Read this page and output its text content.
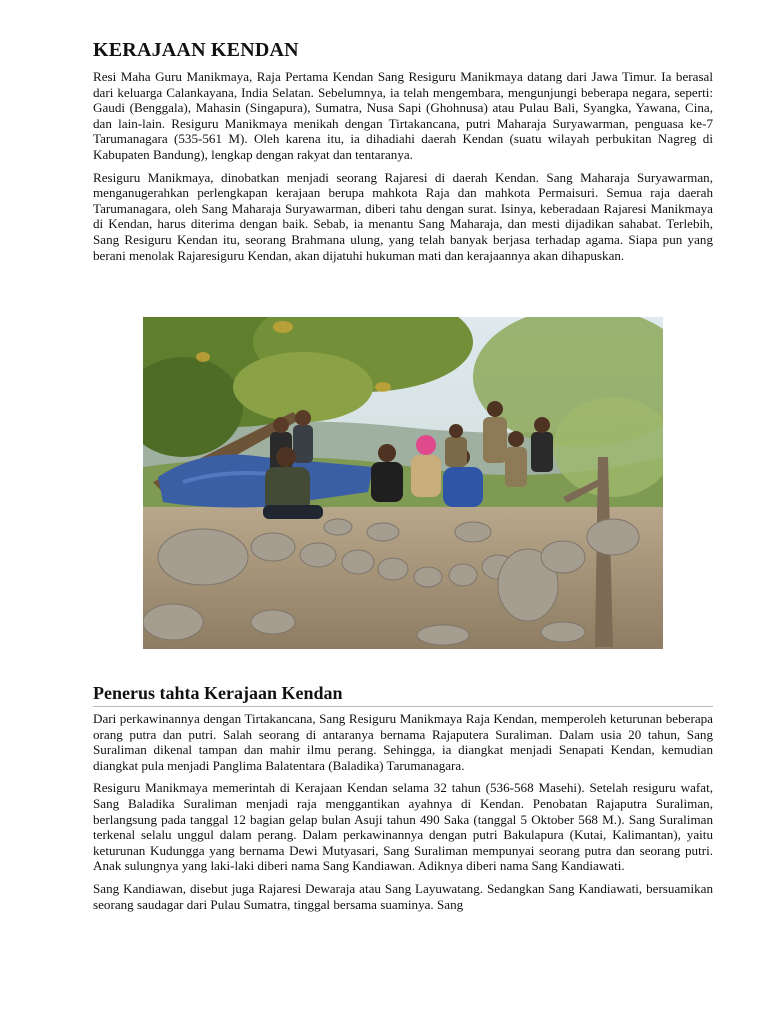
KERAJAAN KENDAN

Resi Maha Guru Manikmaya, Raja Pertama Kendan Sang Resiguru Manikmaya datang dari Jawa Timur. Ia berasal dari keluarga Calankayana, India Selatan. Sebelumnya, ia telah mengembara, mengunjungi beberapa negara, seperti: Gaudi (Benggala), Mahasin (Singapura), Sumatra, Nusa Sapi (Ghohnusa) atau Pulau Bali, Syangka, Yawana, Cina, dan lain-lain. Resiguru Manikmaya menikah dengan Tirtakancana, putri Maharaja Suryawarman, penguasa ke-7 Tarumanagara (535-561 M). Oleh karena itu, ia dihadiahi daerah Kendan (suatu wilayah perbukitan Nagreg di Kabupaten Bandung), lengkap dengan rakyat dan tentaranya.

Resiguru Manikmaya, dinobatkan menjadi seorang Rajaresi di daerah Kendan. Sang Maharaja Suryawarman, menganugerahkan perlengkapan kerajaan berupa mahkota Raja dan mahkota Permaisuri. Semua raja daerah Tarumanagara, oleh Sang Maharaja Suryawarman, diberi tahu dengan surat. Isinya, keberadaan Rajaresi Manikmaya di Kendan, harus diterima dengan baik. Sebab, ia menantu Sang Maharaja, dan mesti dijadikan sahabat. Terlebih, Sang Resiguru Kendan itu, seorang Brahmana ulung, yang telah banyak berjasa terhadap agama. Siapa pun yang berani menolak Rajaresiguru Kendan, akan dijatuhi hukuman mati dan kerajaannya akan dihapuskan.

Penerus tahta Kerajaan Kendan

Dari perkawinannya dengan Tirtakancana, Sang Resiguru Manikmaya Raja Kendan, memperoleh keturunan beberapa orang putra dan putri. Salah seorang di antaranya bernama Rajaputera Suraliman. Dalam usia 20 tahun, Sang Suraliman dikenal tampan dan mahir ilmu perang. Sehingga, ia diangkat menjadi Senapati Kendan, kemudian diangkat pula menjadi Panglima Balatentara (Baladika) Tarumanagara.

Resiguru Manikmaya memerintah di Kerajaan Kendan selama 32 tahun (536-568 Masehi). Setelah resiguru wafat, Sang Baladika Suraliman menjadi raja menggantikan ayahnya di Kendan. Penobatan Rajaputra Suraliman, berlangsung pada tanggal 12 bagian gelap bulan Asuji tahun 490 Saka (tanggal 5 Oktober 568 M.). Sang Suraliman terkenal selalu unggul dalam perang. Dalam perkawinannya dengan putri Bakulapura (Kutai, Kalimantan), yaitu keturunan Kudungga yang bernama Dewi Mutyasari, Sang Suraliman mempunyai seorang putra dan seorang putri. Anak sulungnya yang laki-laki diberi nama Sang Kandiawan. Adiknya diberi nama Sang Kandiawati.

Sang Kandiawan, disebut juga Rajaresi Dewaraja atau Sang Layuwatang. Sedangkan Sang Kandiawati, bersuamikan seorang saudagar dari Pulau Sumatra, tinggal bersama suaminya. Sang
